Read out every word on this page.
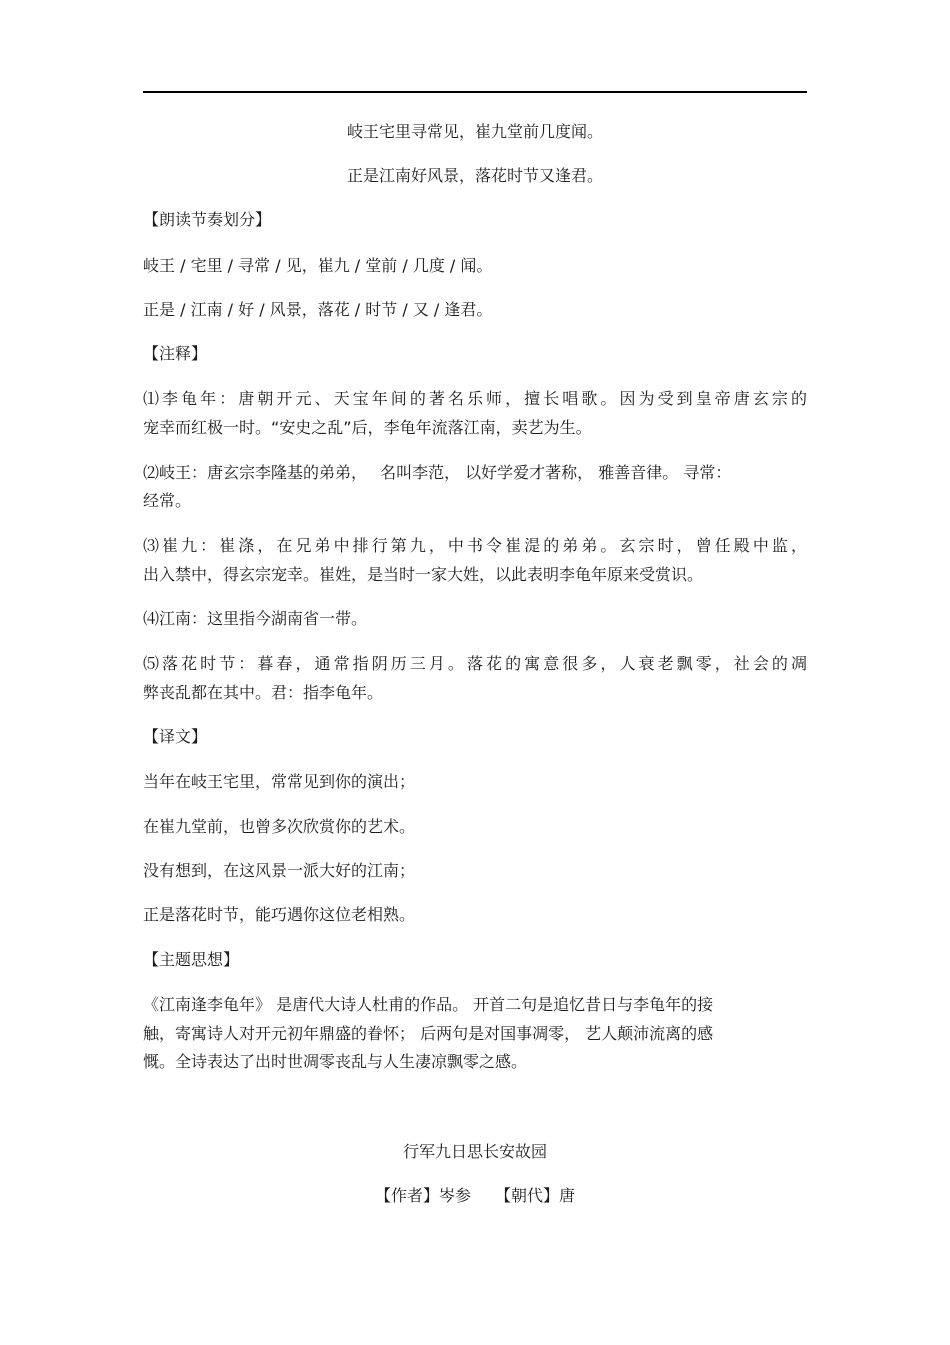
岐王宅里寻常见，崔九堂前几度闻。
正是江南好风景，落花时节又逢君。
【朗读节奏划分】
岐王 / 宅里 / 寻常 / 见，崔九 / 堂前 / 几度 / 闻。
正是 / 江南 / 好 / 风景，落花 / 时节 / 又 / 逢君。
【注释】
⑴李龟年：唐朝开元、天宝年间的著名乐师，擅长唱歌。因为受到皇帝唐玄宗的
宠幸而红极一时。“安史之乱”后，李龟年流落江南，卖艺为生。
⑵岐王：唐玄宗李隆基的弟弟，　 名叫李范， 以好学爱才著称， 雅善音律。 寻常：
经常。
⑶崔九：崔涤，在兄弟中排行第九，中书令崔湜的弟弟。玄宗时，曾任殿中监，
出入禁中，得玄宗宠幸。崔姓，是当时一家大姓，以此表明李龟年原来受赏识。
⑷江南：这里指今湖南省一带。
⑸落花时节：暮春，通常指阴历三月。落花的寓意很多，人衰老飘零，社会的凋
弊丧乱都在其中。君：指李龟年。
【译文】
当年在岐王宅里，常常见到你的演出；
在崔九堂前，也曾多次欣赏你的艺术。
没有想到，在这风景一派大好的江南；
正是落花时节，能巧遇你这位老相熟。
【主题思想】
《江南逢李龟年》 是唐代大诗人杜甫的作品。 开首二句是追忆昔日与李龟年的接
触，寄寓诗人对开元初年鼎盛的眷怀； 后两句是对国事凋零， 艺人颠沛流离的感
慨。全诗表达了出时世凋零丧乱与人生凄凉飘零之感。
行军九日思长安故园
【作者】岑参　　【朝代】唐
